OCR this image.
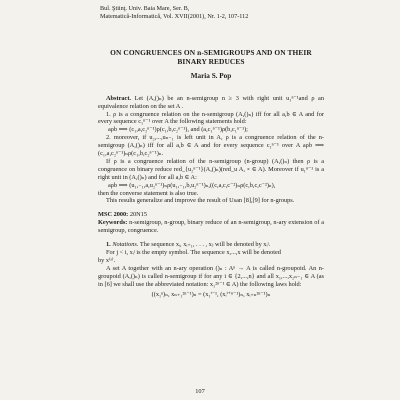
Bul. Ştiinţ. Univ. Baia Mare, Ser. B,
Matematică-Informatică, Vol. XVII(2001), Nr. 1-2, 107-112
ON CONGRUENCES ON n-SEMIGROUPS AND ON THEIR
BINARY REDUCES
Maria S. Pop

Abstract. Let (A,()ₙ) be an n-semigroup n ≥ 3 with right unit u₁ⁿ⁻¹and ρ an equivalence relation on the set A .

1. ρ is a congruence relation on the n-semigroup (A,()ₙ) iff for all a,b ∈ A and for every sequence c₁ⁿ⁻¹ over A the following statements hold:

aρb ⟹ (c₁,a,c₂ⁿ⁻¹)ρ(c₁,b,c₂ⁿ⁻¹), and (a,c₁ⁿ⁻¹)ρ(b,c₁ⁿ⁻¹);

2. moreover, if u₂,...,uₙ₋₁ is left unit in A, ρ is a congruence relation of the n-semigroup (A,()ₙ) iff for all a,b ∈ A and for every sequence c₁ⁿ⁻¹ over A aρb ⟹ (c₁,a,c₂ⁿ⁻¹)ₙρ(c₁,b,c₂ⁿ⁻¹)ₙ.

If ρ is a congruence relation of the n-semigroup (n-group) (A,()ₙ) then ρ is a congruence on binary reduce red_{u₂ⁿ⁻¹}(A,()ₙ)(red_u A, ∘ ∈ A). Moreover if u₁ⁿ⁻¹ is a right unit in (A,()ₙ) and for all a,b ∈ A:

aρb ⟹ (u₁,₋₁,a,u₂ⁿ⁻¹)ₙρ(u₁,₋₁,b,u₂ⁿ⁻¹)ₙ,((c,a,c,c⁻²)ₙρ(c,b,c,c⁻²)ₙ),

then the converse statement is also true.

This results generalize and improve the result of Usan [8],[9] for n-groups.

MSC 2000: 20N15

Keywords: n-semigroup, n-group, binary reduce of an n-semigroup, n-ary extension of a semigroup, congruence.

1. Notations. The sequence xᵢ, xᵢ₊₁, . . . , xⱼ will be denoted by xᵢʲ.

For j < i, xᵢʲ is the empty symbol. The sequence x,...,x will be denoted

by x⁽ˢ⁾.

A set A together with an n-ary operation ()ₙ : Aⁿ → A is called n-groupoid. An n-groupoid (A,()ₙ) is called n-semigroup if for any i ∈ {2,...,n} and all x₁,...,x₂ₙ₋₁ ∈ A (as in [6] we shall use the abbreviated notation: x₁²ⁿ⁻¹ ∈ A) the following laws hold:

((x₁ⁿ)ₙ, xₙ₊₁²ⁿ⁻¹)ₙ = (x₁ⁱ⁻¹, (xᵢⁱ⁺ⁿ⁻¹)ₙ, xᵢ₊ₙ²ⁿ⁻¹)ₙ

107
